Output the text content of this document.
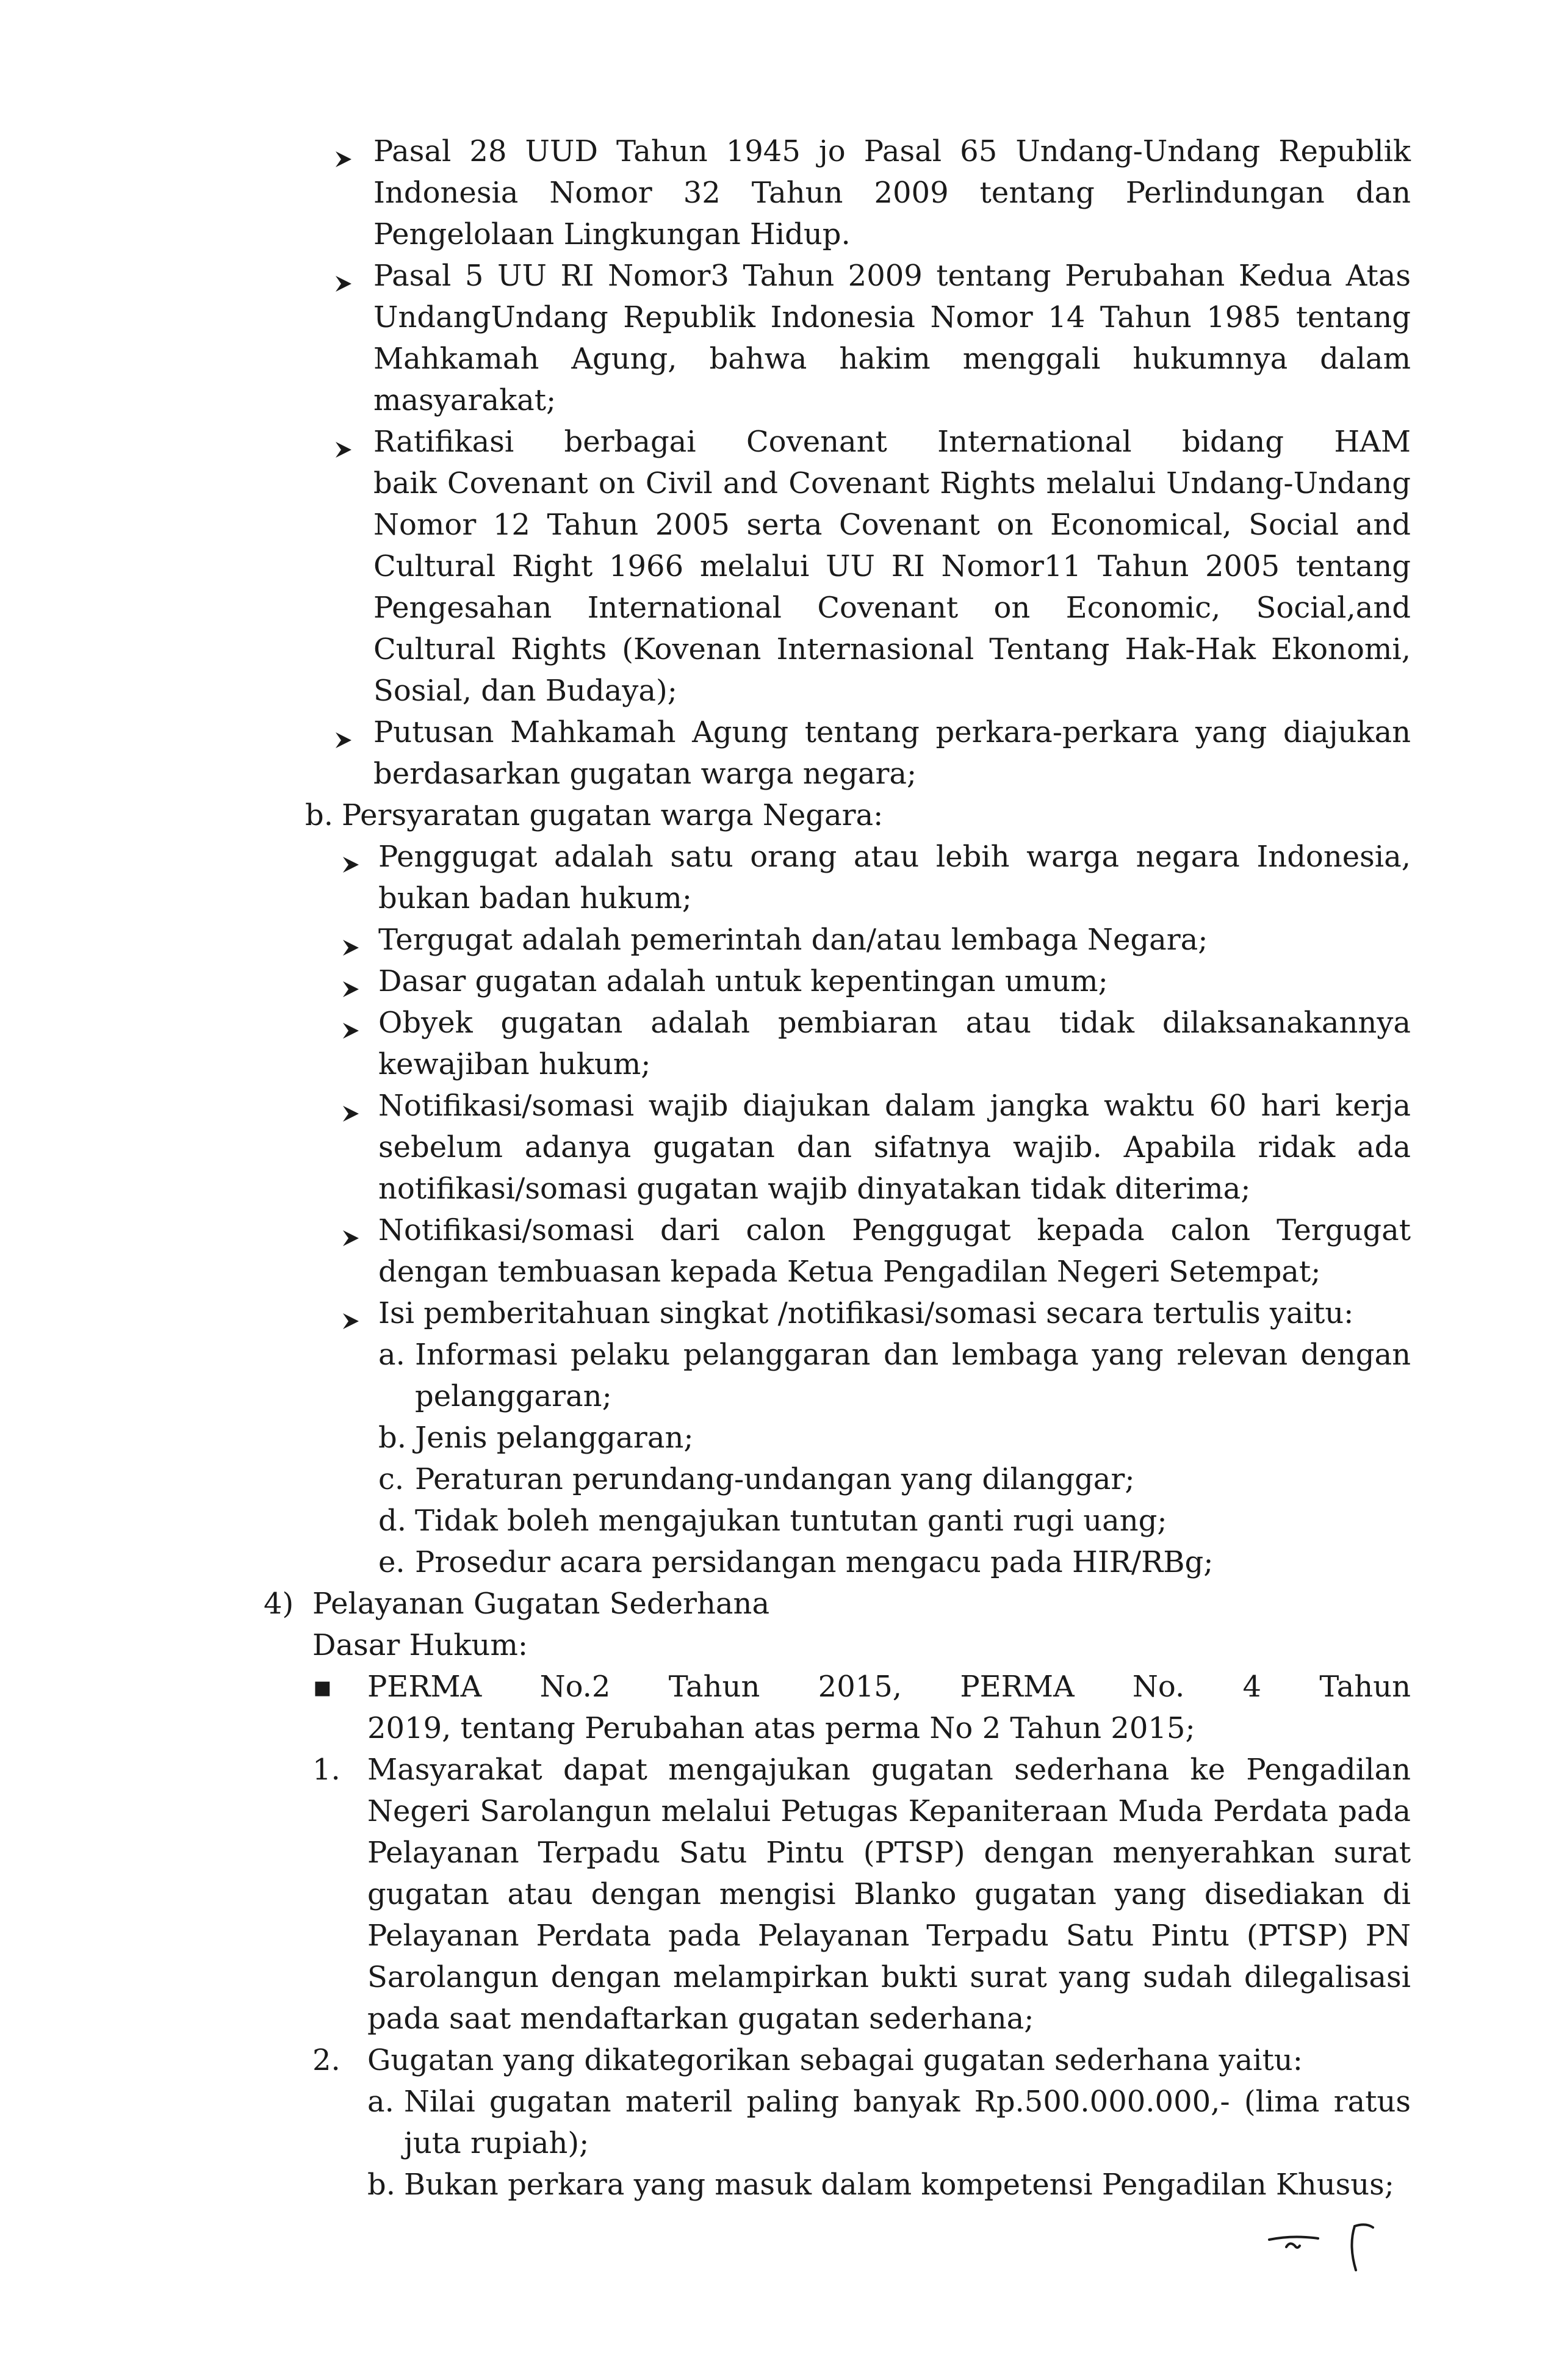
Pasal 28 UUD Tahun 1945 jo Pasal 65 Undang-Undang Republik
Indonesia Nomor 32 Tahun 2009 tentang Perlindungan dan
Pengelolaan Lingkungan Hidup.
Pasal 5 UU RI Nomor3 Tahun 2009 tentang Perubahan Kedua Atas
UndangUndang Republik Indonesia Nomor 14 Tahun 1985 tentang
Mahkamah Agung, bahwa hakim menggali hukumnya dalam
masyarakat;
Ratifikasi berbagai Covenant International bidang HAM
baik Covenant on Civil and Covenant Rights melalui Undang-Undang
Nomor 12 Tahun 2005 serta Covenant on Economical, Social and
Cultural Right 1966 melalui UU RI Nomor11 Tahun 2005 tentang
Pengesahan International Covenant on Economic, Social,and
Cultural Rights (Kovenan Internasional Tentang Hak-Hak Ekonomi,
Sosial, dan Budaya);
Putusan Mahkamah Agung tentang perkara-perkara yang diajukan
berdasarkan gugatan warga negara;
b. Persyaratan gugatan warga Negara:
Penggugat adalah satu orang atau lebih warga negara Indonesia,
bukan badan hukum;
Tergugat adalah pemerintah dan/atau lembaga Negara;
Dasar gugatan adalah untuk kepentingan umum;
Obyek gugatan adalah pembiaran atau tidak dilaksanakannya
kewajiban hukum;
Notifikasi/somasi wajib diajukan dalam jangka waktu 60 hari kerja
sebelum adanya gugatan dan sifatnya wajib. Apabila ridak ada
notifikasi/somasi gugatan wajib dinyatakan tidak diterima;
Notifikasi/somasi dari calon Penggugat kepada calon Tergugat
dengan tembuasan kepada Ketua Pengadilan Negeri Setempat;
Isi pemberitahuan singkat /notifikasi/somasi secara tertulis yaitu:
a. Informasi pelaku pelanggaran dan lembaga yang relevan dengan
pelanggaran;
b. Jenis pelanggaran;
c. Peraturan perundang-undangan yang dilanggar;
d. Tidak boleh mengajukan tuntutan ganti rugi uang;
e. Prosedur acara persidangan mengacu pada HIR/RBg;
4) Pelayanan Gugatan Sederhana
Dasar Hukum:
▪ PERMA No.2 Tahun 2015, PERMA No. 4 Tahun
2019, tentang Perubahan atas perma No 2 Tahun 2015;
1. Masyarakat dapat mengajukan gugatan sederhana ke Pengadilan
Negeri Sarolangun melalui Petugas Kepaniteraan Muda Perdata pada
Pelayanan Terpadu Satu Pintu (PTSP) dengan menyerahkan surat
gugatan atau dengan mengisi Blanko gugatan yang disediakan di
Pelayanan Perdata pada Pelayanan Terpadu Satu Pintu (PTSP) PN
Sarolangun dengan melampirkan bukti surat yang sudah dilegalisasi
pada saat mendaftarkan gugatan sederhana;
2. Gugatan yang dikategorikan sebagai gugatan sederhana yaitu:
a. Nilai gugatan materil paling banyak Rp.500.000.000,- (lima ratus
juta rupiah);
b. Bukan perkara yang masuk dalam kompetensi Pengadilan Khusus;
